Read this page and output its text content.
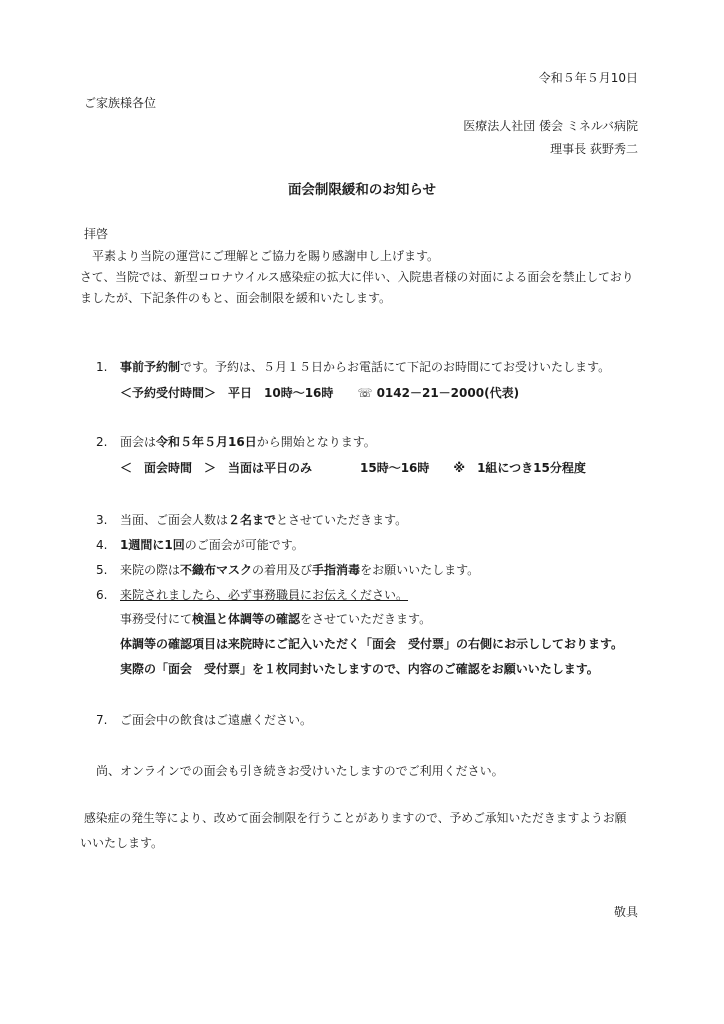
令和５年５月10日
ご家族様各位
医療法人社団 倭会 ミネルバ病院
理事長 荻野秀二
面会制限緩和のお知らせ
拝啓
平素より当院の運営にご理解とご協力を賜り感謝申し上げます。
さて、当院では、新型コロナウイルス感染症の拡大に伴い、入院患者様の対面による面会を禁止しており
ましたが、下記条件のもと、面会制限を緩和いたします。
1. 事前予約制です。予約は、５月１５日からお電話にて下記のお時間にてお受けいたします。
＜予約受付時間＞　平日　10時～16時　　☏ 0142－21－2000(代表)
2. 面会は令和５年５月16日から開始となります。
＜　面会時間　＞　当面は平日のみ　　　　15時～16時　　※　1組につき15分程度
3. 当面、ご面会人数は２名までとさせていただきます。
4. 1週間に1回のご面会が可能です。
5. 来院の際は不織布マスクの着用及び手指消毒をお願いいたします。
6. 来院されましたら、必ず事務職員にお伝えください。
事務受付にて検温と体調等の確認をさせていただきます。
体調等の確認項目は来院時にご記入いただく「面会　受付票」の右側にお示ししております。
実際の「面会　受付票」を１枚同封いたしますので、内容のご確認をお願いいたします。
7. ご面会中の飲食はご遠慮ください。
尚、オンラインでの面会も引き続きお受けいたしますのでご利用ください。
感染症の発生等により、改めて面会制限を行うことがありますので、予めご承知いただきますようお願
いいたします。
敬具
